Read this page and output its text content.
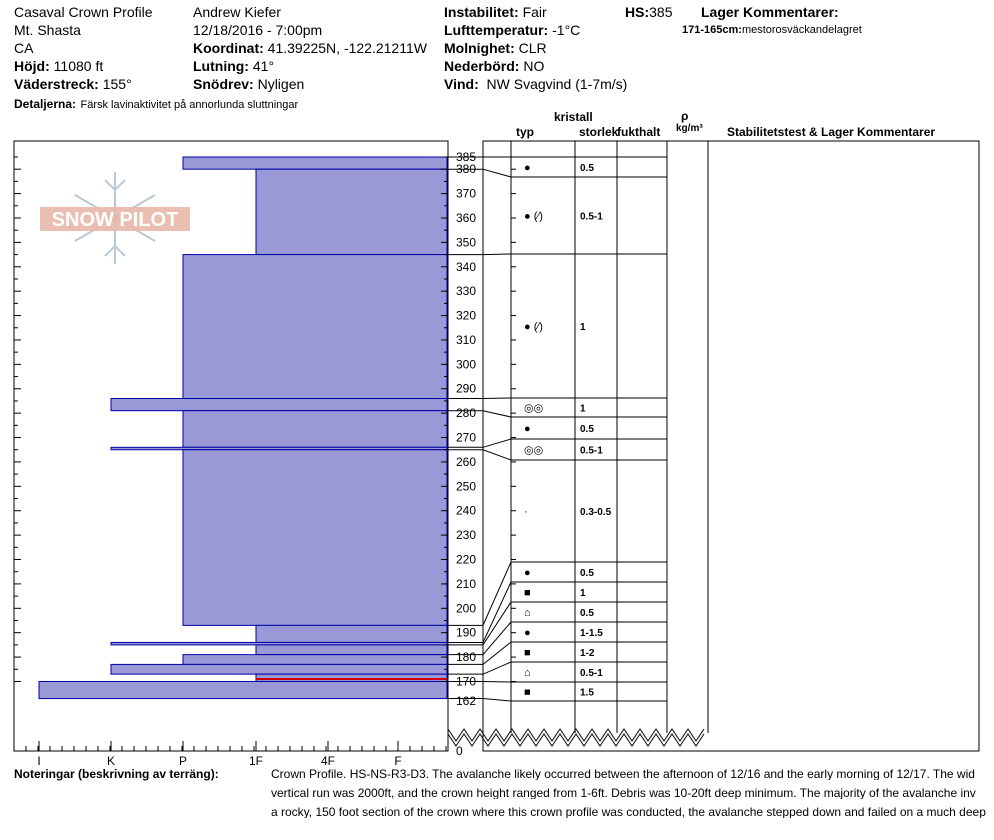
Casaval Crown Profile
Mt. Shasta
CA
Höjd: 11080 ft
Väderstreck: 155°
Detaljerna: Färsk lavinaktivitet på annorlunda sluttningar
Andrew Kiefer
12/18/2016 - 7:00pm
Koordinat: 41.39225N, -122.21211W
Lutning: 41°
Snödrev: Nyligen
Instabilitet: Fair
Lufttemperatur: -1°C
Molnighet: CLR
Nederbörd: NO
Vind: NW Svagvind (1-7m/s)
HS:385 Lager Kommentarer:
171-165cm:mestorosväckandelagret
kristall
typ	storlek
fukthalt
ρ
kg/m³ Stabilitetstest & Lager Kommentarer
SNOW PILOT
I	K	P	1F	4F	F
385
380
370
360
350
340
330
320
310
300
290
280
270
260
250
240
230
220
210
200
190
180
170
162
0
●	0.5
● (⁄)	0.5-1
● (⁄)	1
◎◎	1
●	0.5
◎◎	0.5-1
·	0.3-0.5
●	0.5
■	1
⌂	0.5
●	1-1.5
■	1-2
⌂	0.5-1
■	1.5
Noteringar (beskrivning av terräng):	Crown Profile. HS-NS-R3-D3. The avalanche likely occurred between the afternoon of 12/16 and the early morning of 12/17. The wid
vertical run was 2000ft, and the crown height ranged from 1-6ft. Debris was 10-20ft deep minimum. The majority of the avalanche inv
a rocky, 150 foot section of the crown where this crown profile was conducted, the avalanche stepped down and failed on a much deep
